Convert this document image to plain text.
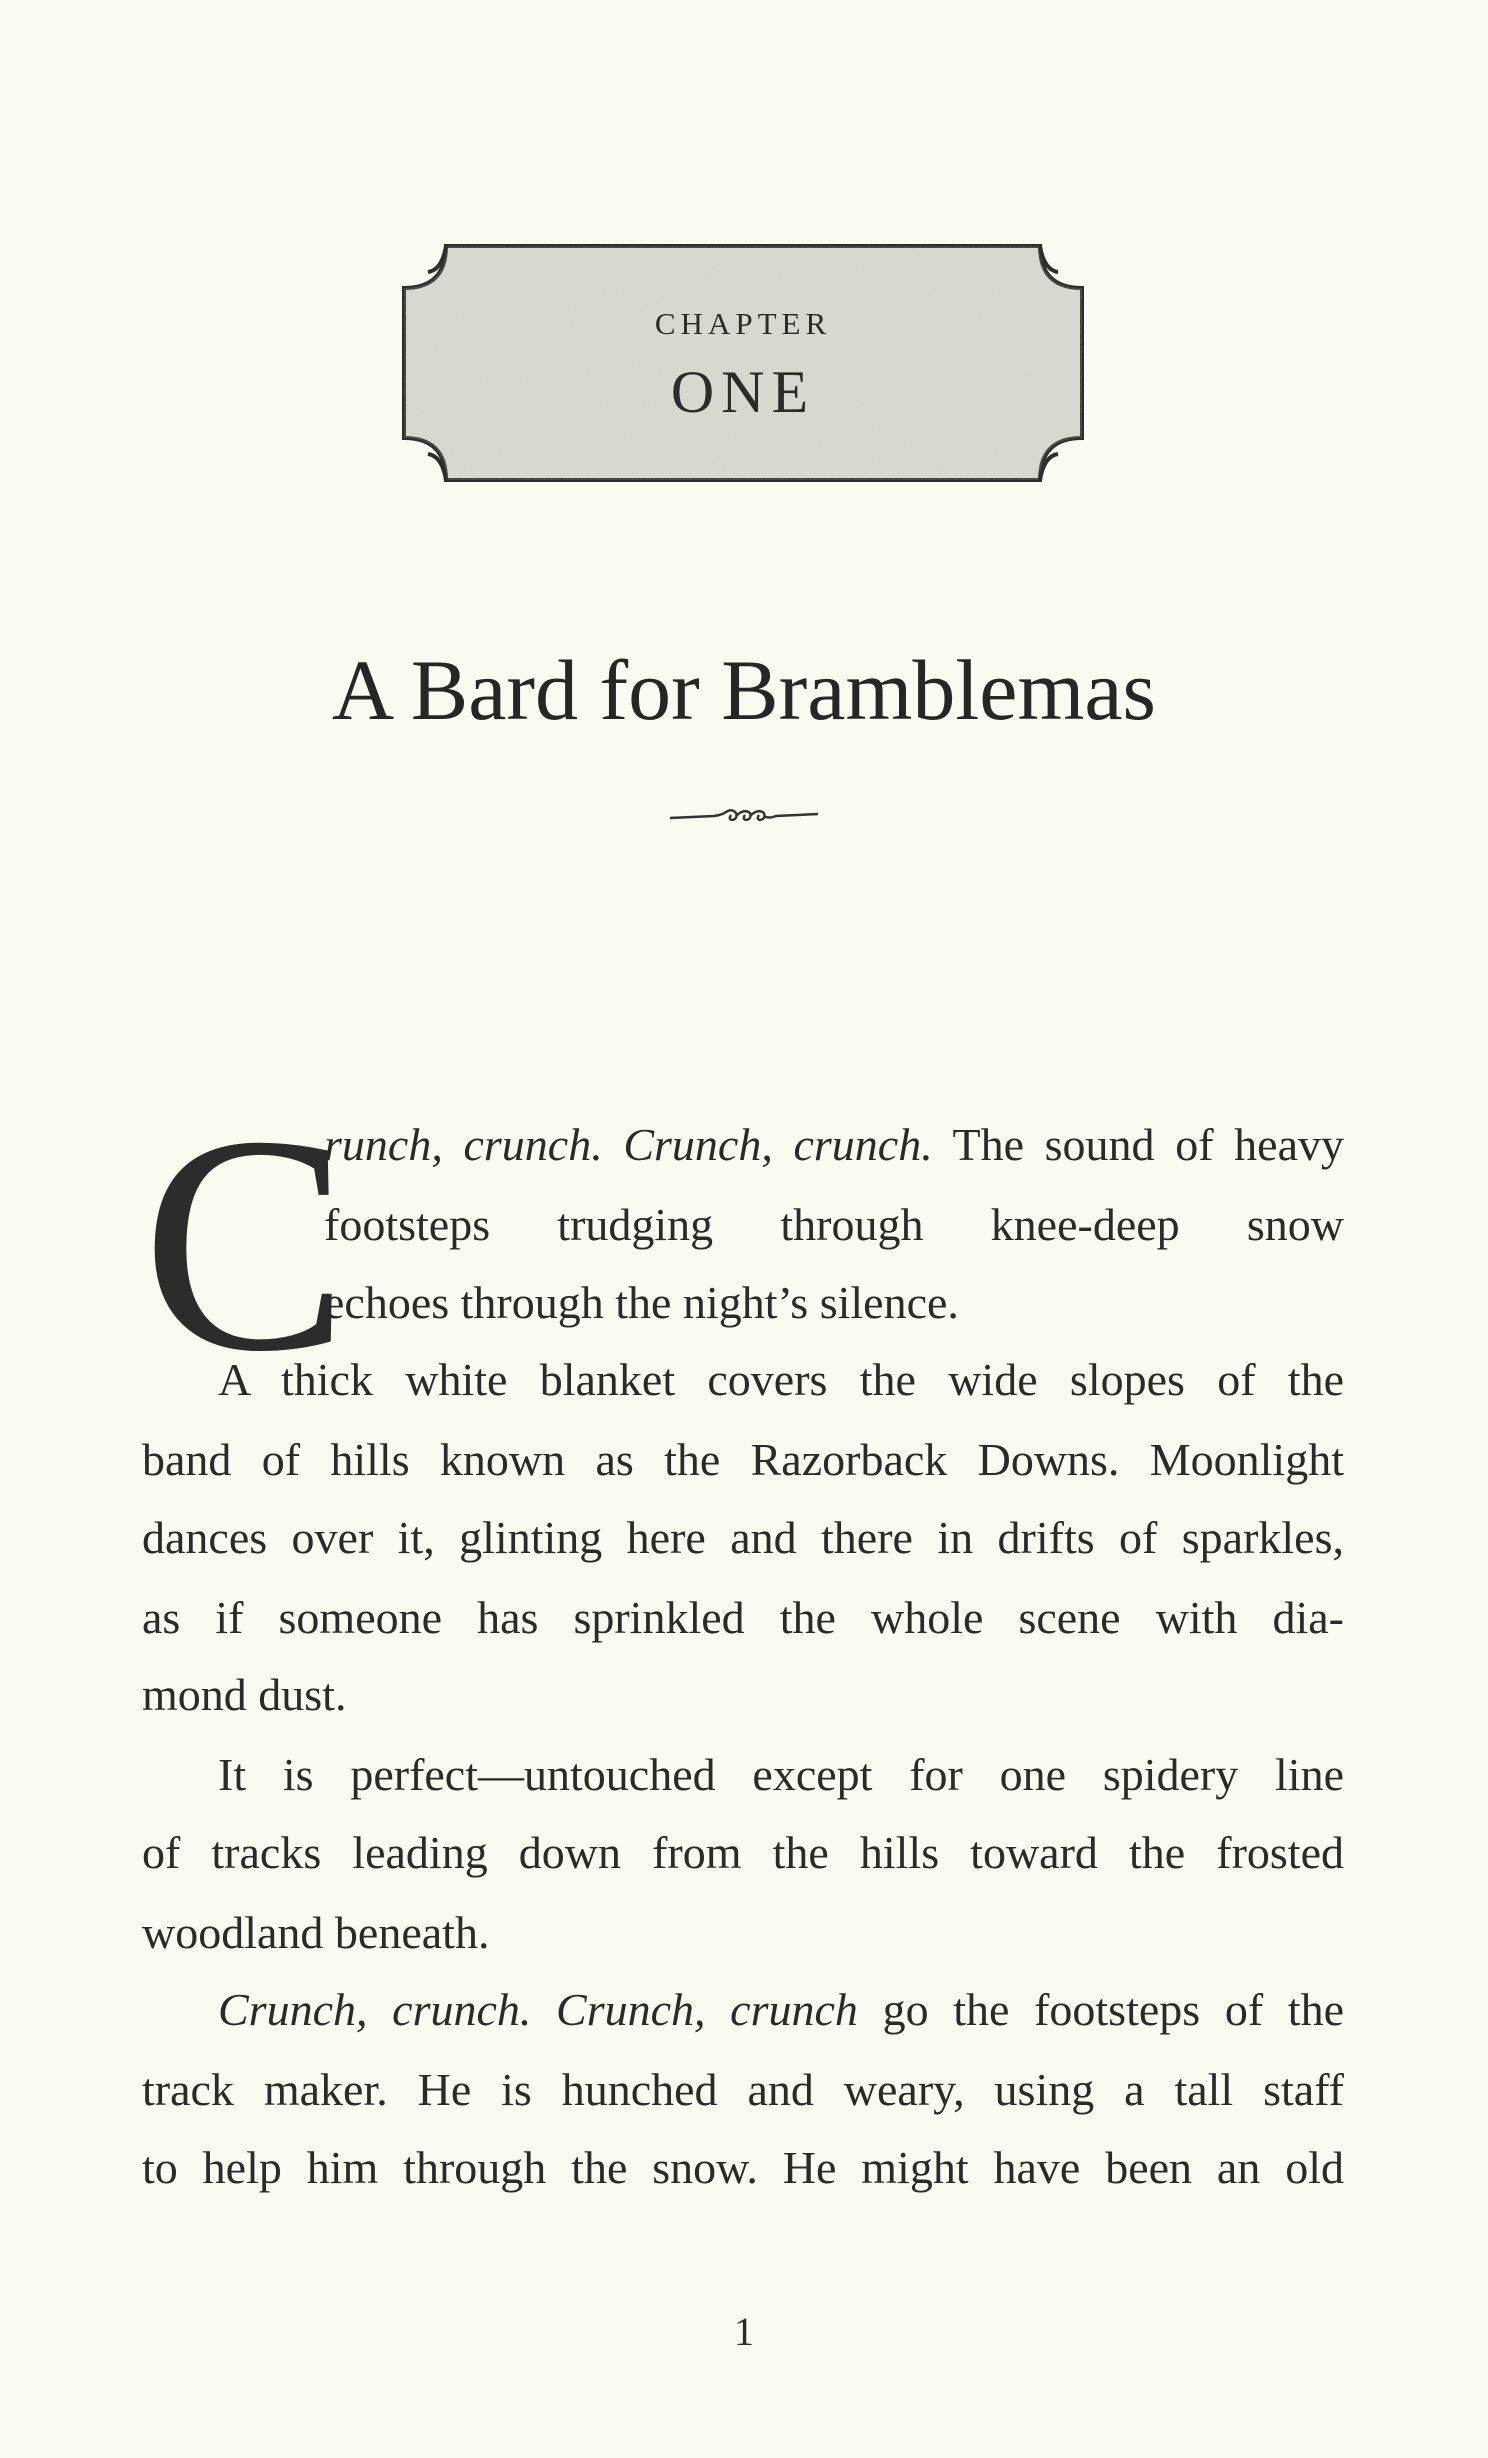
CHAPTER
ONE
A Bard for Bramblemas
C
runch, crunch. Crunch, crunch. The sound of heavy
footsteps trudging through knee-deep snow
echoes through the night’s silence.
A thick white blanket covers the wide slopes of the
band of hills known as the Razorback Downs. Moonlight
dances over it, glinting here and there in drifts of sparkles,
as if someone has sprinkled the whole scene with dia-
mond dust.
It is perfect—untouched except for one spidery line
of tracks leading down from the hills toward the frosted
woodland beneath.
Crunch, crunch. Crunch, crunch go the footsteps of the
track maker. He is hunched and weary, using a tall staff
to help him through the snow. He might have been an old
1
